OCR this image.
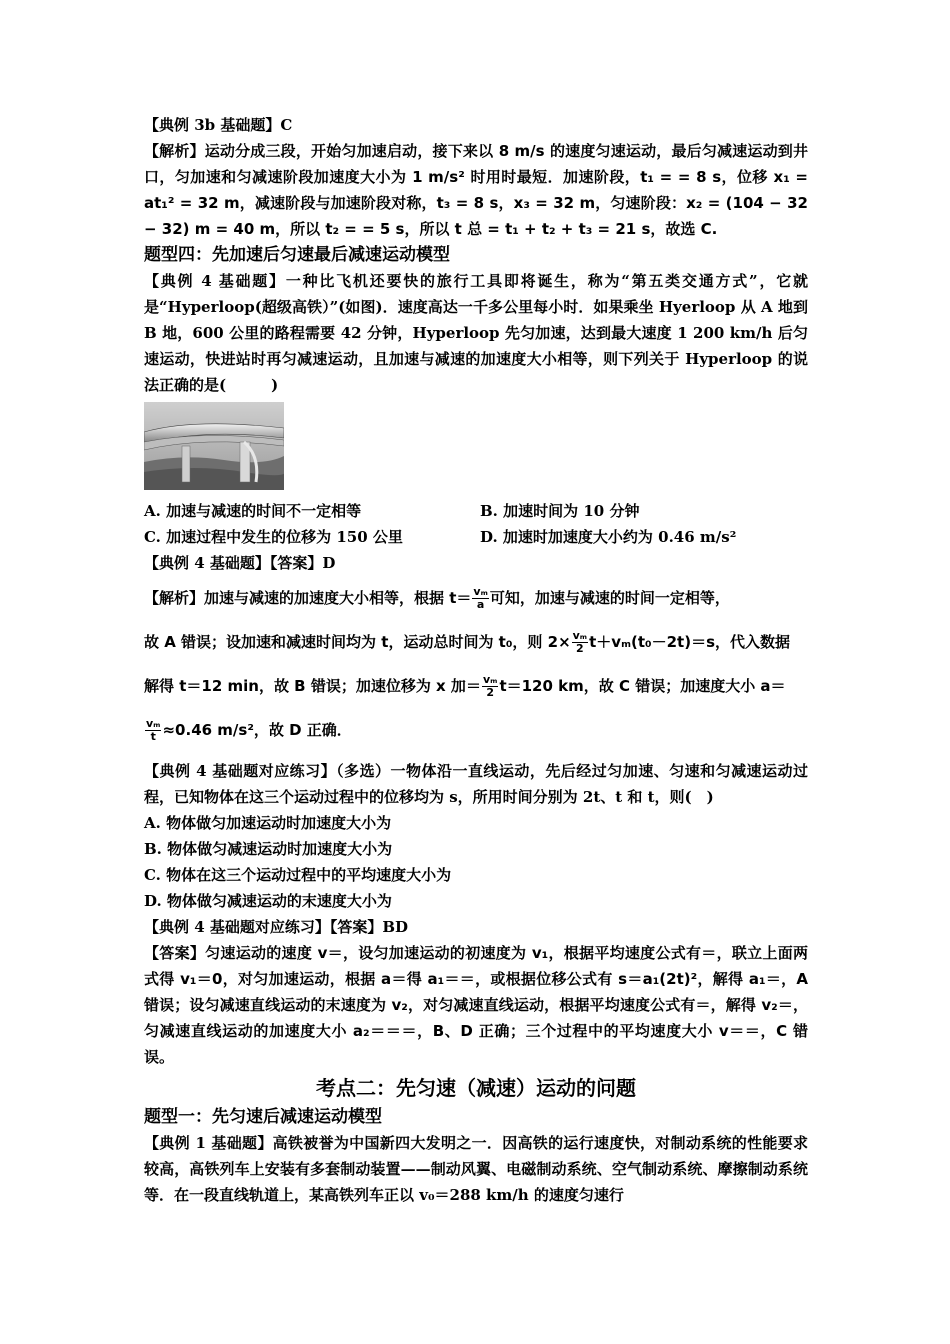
【典例 3b 基础题】C

【解析】运动分成三段，开始匀加速启动，接下来以 8 m/s 的速度匀速运动，最后匀减速运动到井口，匀加速和匀减速阶段加速度大小为 1 m/s² 时用时最短．加速阶段，t₁ = = 8 s，位移 x₁ = at₁² = 32 m，减速阶段与加速阶段对称，t₃ = 8 s，x₃ = 32 m，匀速阶段：x₂ = (104 − 32 − 32) m = 40 m，所以 t₂ = = 5 s，所以 t 总 = t₁ + t₂ + t₃ = 21 s，故选 C.

题型四：先加速后匀速最后减速运动模型

【典例 4 基础题】一种比飞机还要快的旅行工具即将诞生，称为“第五类交通方式”，它就是“Hyperloop(超级高铁）”(如图)．速度高达一千多公里每小时．如果乘坐 Hyerloop 从 A 地到 B 地，600 公里的路程需要 42 分钟，Hyperloop 先匀加速，达到最大速度 1 200 km/h 后匀速运动，快进站时再匀减速运动，且加速与减速的加速度大小相等，则下列关于 Hyperloop 的说法正确的是(　　　)

A. 加速与减速的时间不一定相等	B. 加速时间为 10 分钟
C. 加速过程中发生的位移为 150 公里	D. 加速时加速度大小约为 0.46 m/s²

【典例 4 基础题】【答案】D

【解析】加速与减速的加速度大小相等，根据 $t= \frac{\text{vₘ}}{a}$ 可知，加速与减速的时间一定相等，

故 A 错误；设加速和减速时间均为 t，运动总时间为 t₀，则 $2\times \frac{\text{vₘ}}{2} t+v_m(t_0-2t)=s$，代入数据

解得 t＝12 min，故 B 错误；加速位移为 x 加＝ $\frac{\text{vₘ}}{2} t=120$ km，故 C 错误；加速度大小 a＝

$\frac{\text{vₘ}}{t} \approx 0.46$ m/s²，故 D 正确．

【典例 4 基础题对应练习】（多选）一物体沿一直线运动，先后经过匀加速、匀速和匀减速运动过程，已知物体在这三个运动过程中的位移均为 s，所用时间分别为 2t、t 和 t，则(　)

A. 物体做匀加速运动时加速度大小为

B. 物体做匀减速运动时加速度大小为

C. 物体在这三个运动过程中的平均速度大小为

D. 物体做匀减速运动的末速度大小为

【典例 4 基础题对应练习】【答案】BD

【答案】匀速运动的速度 v＝，设匀加速运动的初速度为 v₁，根据平均速度公式有＝，联立上面两式得 v₁＝0，对匀加速运动，根据 a＝得 a₁＝＝，或根据位移公式有 s＝a₁(2t)²，解得 a₁＝，A 错误；设匀减速直线运动的末速度为 v₂，对匀减速直线运动，根据平均速度公式有＝，解得 v₂＝，匀减速直线运动的加速度大小 a₂＝＝＝，B、D 正确；三个过程中的平均速度大小 v＝＝，C 错误。

考点二：先匀速（减速）运动的问题

题型一：先匀速后减速运动模型

【典例 1 基础题】高铁被誉为中国新四大发明之一．因高铁的运行速度快，对制动系统的性能要求较高，高铁列车上安装有多套制动装置——制动风翼、电磁制动系统、空气制动系统、摩擦制动系统等．在一段直线轨道上，某高铁列车正以 v₀＝288 km/h 的速度匀速行
